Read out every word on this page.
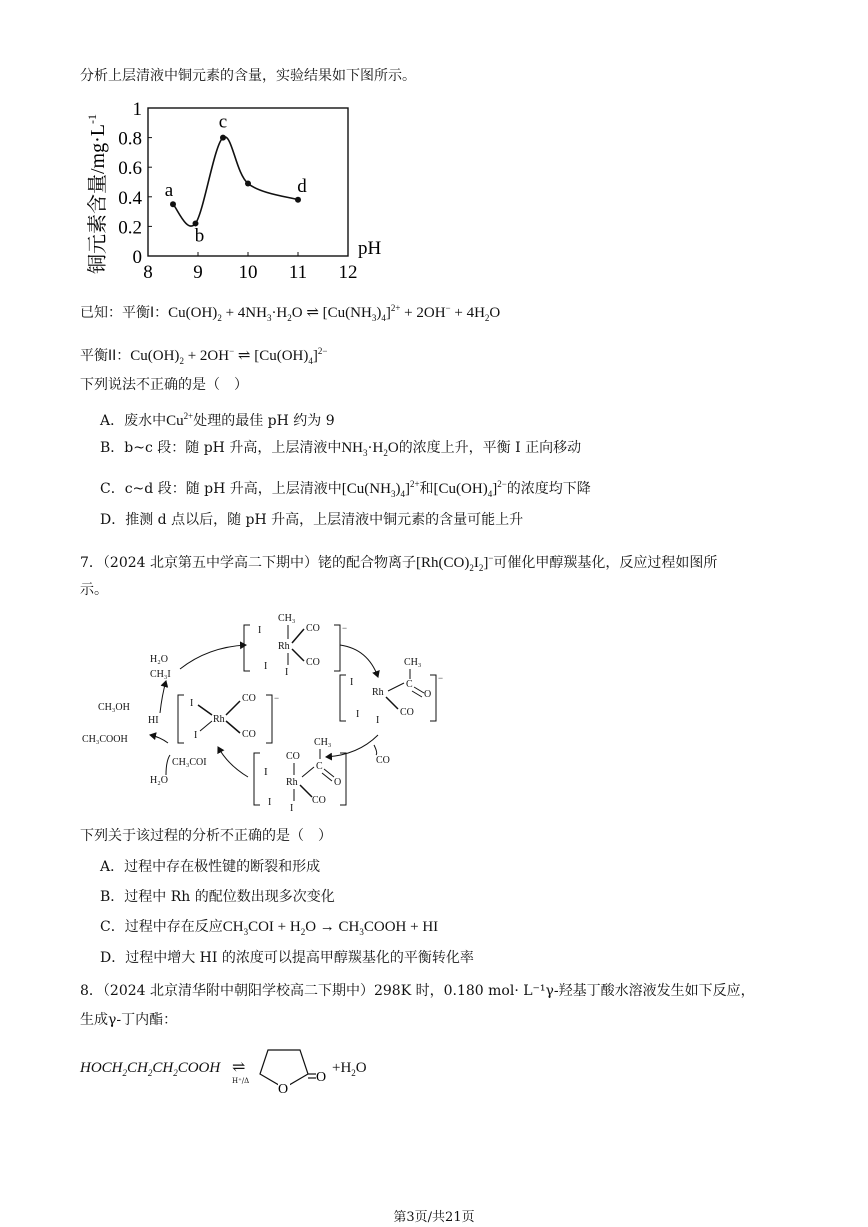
分析上层清液中铜元素的含量，实验结果如下图所示。
8 9 10 11 12
0
0.2
0.4
0.6
0.8
1
a
b
c
d
pH
铜元素含量$/mg\cdot L^{-1}$
已知：平衡I：$Cu(OH)_2 + 4NH_3\cdot H_2O$ ⇌ $[Cu(NH_3)_4]^{2+} + 2OH^- + 4H_2O$
平衡II：$Cu(OH)_2 + 2OH^-$ ⇌ $[Cu(OH)_4]^{2-}$
下列说法不正确的是（　）
A．废水中$Cu^{2+}$处理的最佳 pH 约为 9
B．b~c 段：随 pH 升高，上层清液中$NH_3\cdot H_2O$的浓度上升，平衡 I 正向移动
C．c~d 段：随 pH 升高，上层清液中$[Cu(NH_3)_4]^{2+}$和$[Cu(OH)_4]^{2-}$的浓度均下降
D．推测 d 点以后，随 pH 升高，上层清液中铜元素的含量可能上升
7．（2024 北京第五中学高二下期中）铑的配合物离子$[Rh(CO)_2I_2]^-$可催化甲醇羰基化，反应过程如图所
示。
H₂O
CH₃I
CH₃OH
HI
CH₃COOH
CH₃COI
H₂O
CO
−
Rh
I
I
CO
CO
−
CH₃
Rh
I
I
I
CO
CO
−
Rh
I
I
I
CO
CH₃
C
O
CO
Rh
I
I
I
CO
CH₃
C
O
下列关于该过程的分析不正确的是（　）
A．过程中存在极性键的断裂和形成
B．过程中 Rh 的配位数出现多次变化
C．过程中存在反应$CH_3COI + H_2O$ → $CH_3COOH$ + HI
D．过程中增大 HI 的浓度可以提高甲醇羰基化的平衡转化率
8．（2024 北京清华附中朝阳学校高二下期中）298K 时，0.180 mol· L⁻¹γ-羟基丁酸水溶液发生如下反应，
生成γ-丁内酯：
$HOCH_2CH_2CH_2COOH$ ⇌
H⁺/Δ
O
O
$+H_2O$
第3页/共21页
